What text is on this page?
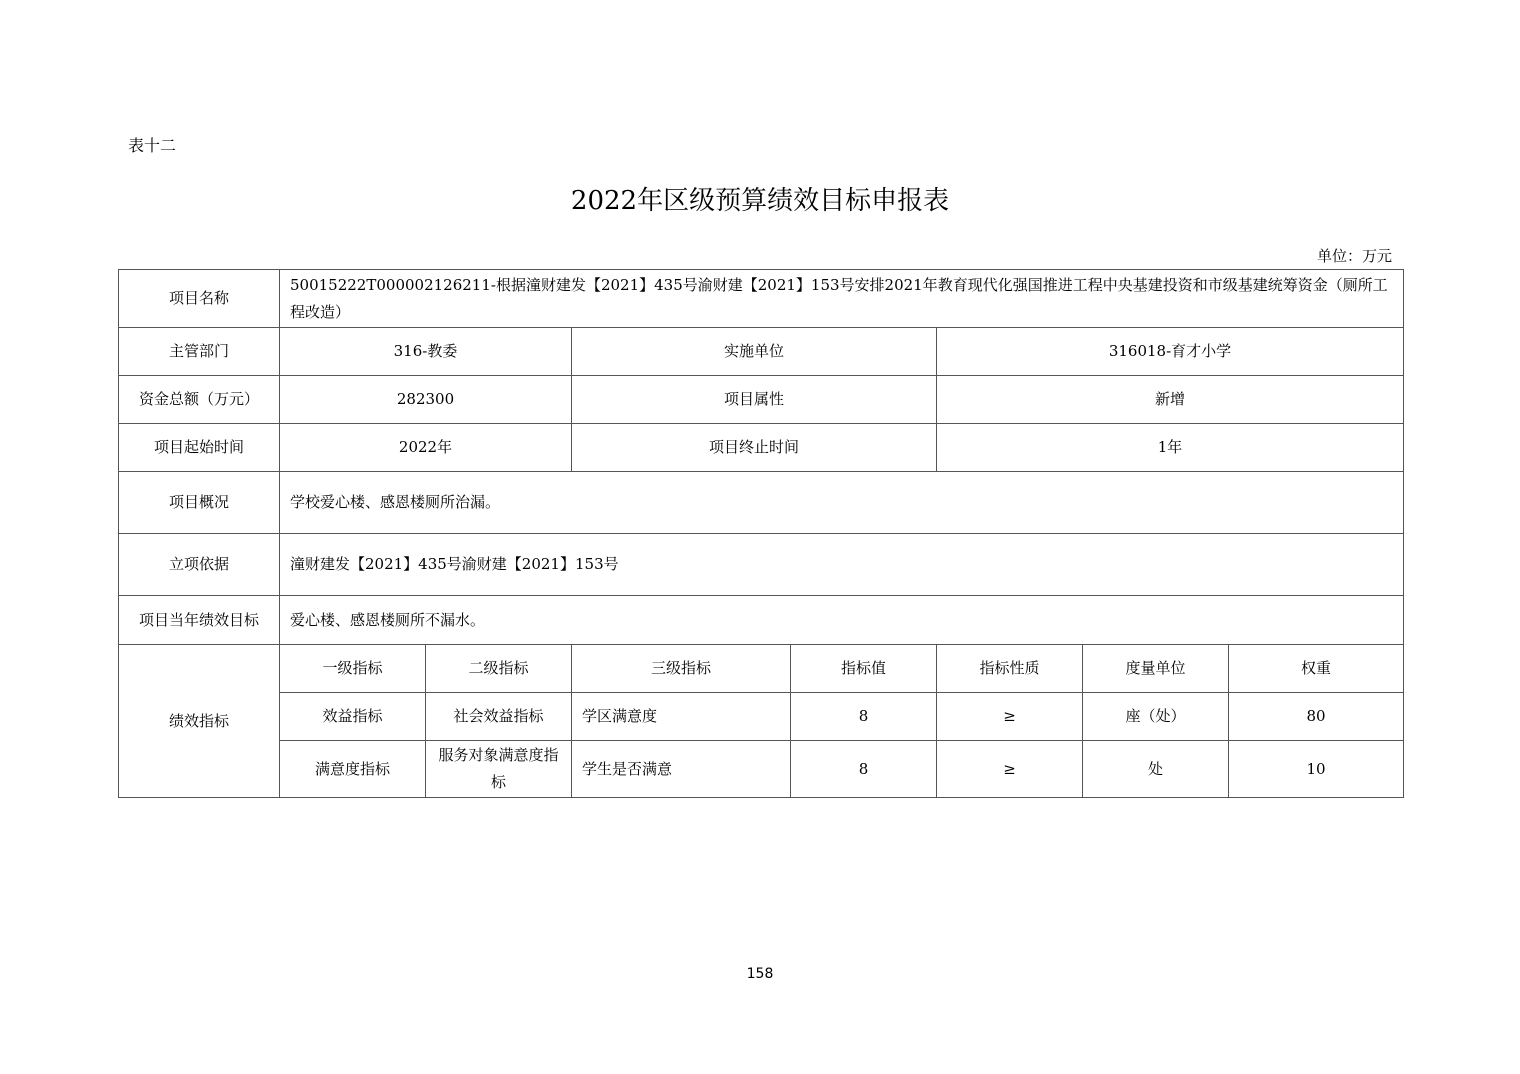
表十二
2022年区级预算绩效目标申报表
单位：万元
项目名称	50015222T000002126211-根据潼财建发【2021】435号渝财建【2021】153号安排2021年教育现代化强国推进工程中央基建投资和市级基建统筹资金（厕所工程改造）						
主管部门	316-教委		实施单位		316018-育才小学		
资金总额（万元）	282300		项目属性		新增		
项目起始时间	2022年		项目终止时间		1年		
项目概况	学校爱心楼、感恩楼厕所治漏。						
立项依据	潼财建发【2021】435号渝财建【2021】153号						
项目当年绩效目标	爱心楼、感恩楼厕所不漏水。						
绩效指标	一级指标	二级指标	三级指标	指标值	指标性质	度量单位	权重
	效益指标	社会效益指标	学区满意度	8	≥	座（处）	80
	满意度指标	服务对象满意度指标	学生是否满意	8	≥	处	10
158
